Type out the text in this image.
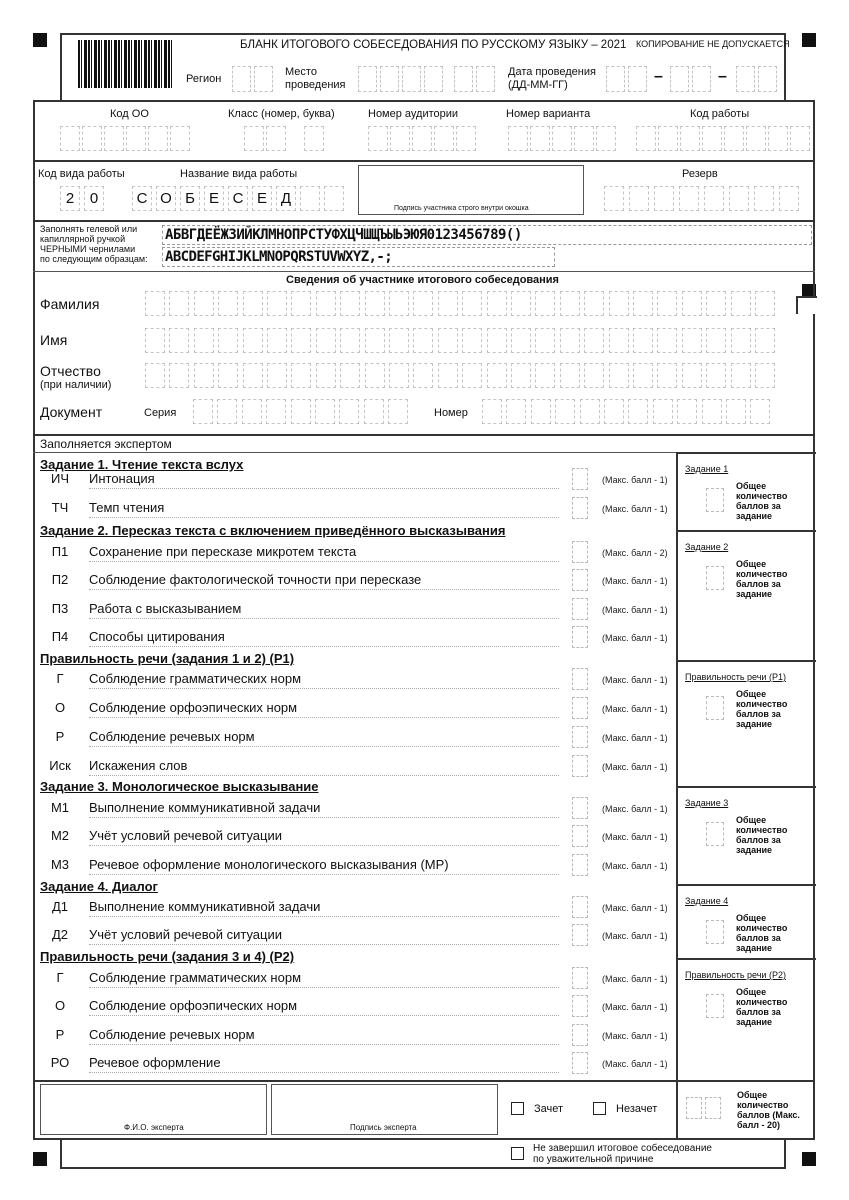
БЛАНК ИТОГОВОГО СОБЕСЕДОВАНИЯ ПО РУССКОМУ ЯЗЫКУ – 2021 КОПИРОВАНИЕ НЕ ДОПУСКАЕТСЯ
Регион
Место
проведения
Дата проведения
(ДД-ММ-ГГ)	–	–
Код ОО	Класс (номер, буква)	Номер аудитории	Номер варианта	Код работы
Код вида работы	Название вида работы
2	0	С О Б Е С Е Д
Подпись участника строго внутри окошка
Резерв
Заполнять гелевой или
капиллярной ручкой
ЧЕРНЫМИ чернилами
по следующим образцам:
АБВГДЕЁЖЗИЙКЛМНОПРСТУФХЦЧШЩЪЫЬЭЮЯ0123456789()
ABCDEFGHIJKLMNOPQRSTUVWXYZ,-;
Сведения об участнике итогового собеседования
Фамилия
Имя
Отчество
(при наличии)
Документ	Серия	Номер
Заполняется экспертом
Задание 1. Чтение текста вслух
ИЧ	Интонация	(Макс. балл - 1)
ТЧ	Темп чтения	(Макс. балл - 1)
Задание 1
Общее количество баллов за задание
Задание 2. Пересказ текста с включением приведённого высказывания
П1	Сохранение при пересказе микротем текста	(Макс. балл - 2)
П2	Соблюдение фактологической точности при пересказе	(Макс. балл - 1)
П3	Работа с высказыванием	(Макс. балл - 1)
П4	Способы цитирования	(Макс. балл - 1)
Задание 2
Общее количество баллов за задание
Правильность речи (задания 1 и 2) (Р1)
Г	Соблюдение грамматических норм	(Макс. балл - 1)
О	Соблюдение орфоэпических норм	(Макс. балл - 1)
Р	Соблюдение речевых норм	(Макс. балл - 1)
Иск	Искажения слов	(Макс. балл - 1)
Правильность речи (Р1)
Общее количество баллов за задание
Задание 3. Монологическое высказывание
М1	Выполнение коммуникативной задачи	(Макс. балл - 1)
М2	Учёт условий речевой ситуации	(Макс. балл - 1)
М3	Речевое оформление монологического высказывания (МР)	(Макс. балл - 1)
Задание 3
Общее количество баллов за задание
Задание 4. Диалог
Д1	Выполнение коммуникативной задачи	(Макс. балл - 1)
Д2	Учёт условий речевой ситуации	(Макс. балл - 1)
Задание 4
Общее количество баллов за задание
Правильность речи (задания 3 и 4) (Р2)
Г	Соблюдение грамматических норм	(Макс. балл - 1)
О	Соблюдение орфоэпических норм	(Макс. балл - 1)
Р	Соблюдение речевых норм	(Макс. балл - 1)
РО	Речевое оформление	(Макс. балл - 1)
Правильность речи (Р2)
Общее количество баллов за задание
Ф.И.О. эксперта	Подпись эксперта
Зачет	Незачет
Общее количество баллов (Макс. балл - 20)
Не завершил итоговое собеседование
по уважительной причине
